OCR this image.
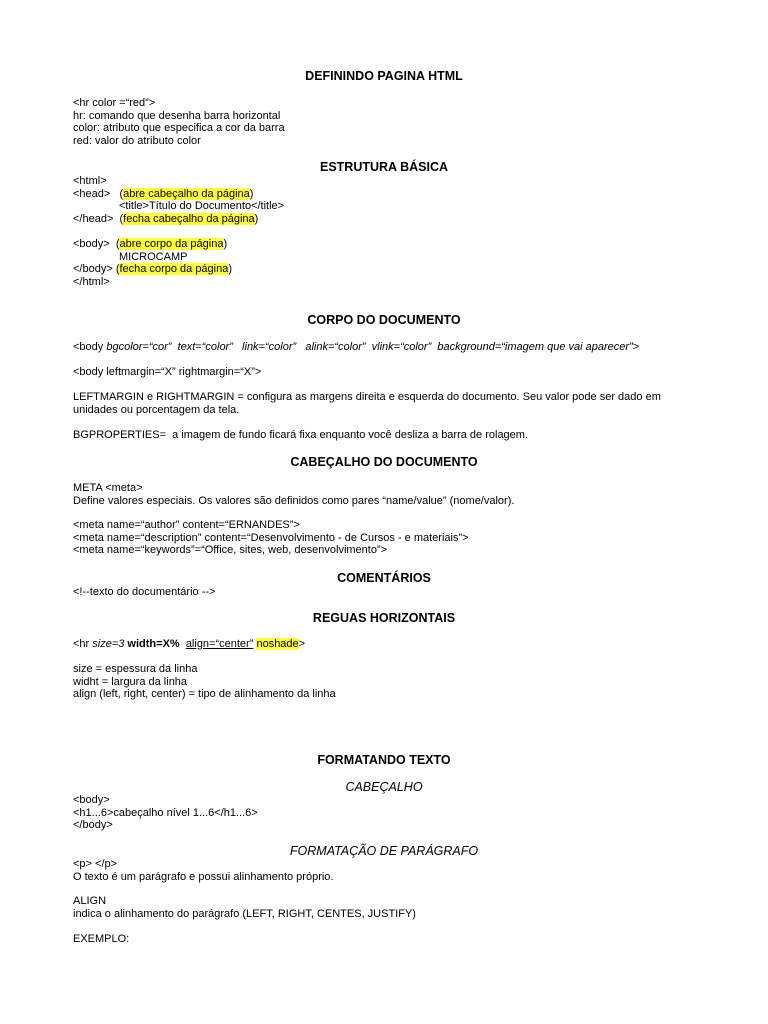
DEFININDO PAGINA HTML
<hr color =“red”>
hr: comando que desenha barra horizontal
color: atributo que especifica a cor da barra
red: valor do atributo color
ESTRUTURA BÁSICA
<html>
<head>   (abre cabeçalho da página)
<title>Título do Documento</title>
</head>  (fecha cabeçalho da página)
<body>  (abre corpo da página)
MICROCAMP
</body> (fecha corpo da página)
</html>
CORPO DO DOCUMENTO
<body bgcolor=“cor”  text=“color”   link=“color”   alink=“color”  vlink=“color”  background=“imagem que vai aparecer”>
<body leftmargin=“X” rightmargin=“X”>
LEFTMARGIN e RIGHTMARGIN = configura as margens direita e esquerda do documento. Seu valor pode ser dado em unidades ou porcentagem da tela.
BGPROPERTIES=  a imagem de fundo ficará fixa enquanto você desliza a barra de rolagem.
CABEÇALHO DO DOCUMENTO
META <meta>
Define valores especiais. Os valores são definidos como pares “name/value” (nome/valor).
<meta name=“author” content=“ERNANDES”>
<meta name=“description” content=“Desenvolvimento - de Cursos - e materiais”>
<meta name=“keywords”=“Office, sites, web, desenvolvimento”>
COMENTÁRIOS
<!--texto do documentário -->
REGUAS HORIZONTAIS
<hr size=3 width=X% align=“center” noshade>
size = espessura da linha
widht = largura da linha
align (left, right, center) = tipo de alinhamento da linha
FORMATANDO TEXTO
CABEÇALHO
<body>
<h1...6>cabeçalho nível 1...6</h1...6>
</body>
FORMATAÇÃO DE PARÁGRAFO
<p> </p>
O texto é um parágrafo e possui alinhamento próprio.
ALIGN
indica o alinhamento do parágrafo (LEFT, RIGHT, CENTES, JUSTIFY)
EXEMPLO:
